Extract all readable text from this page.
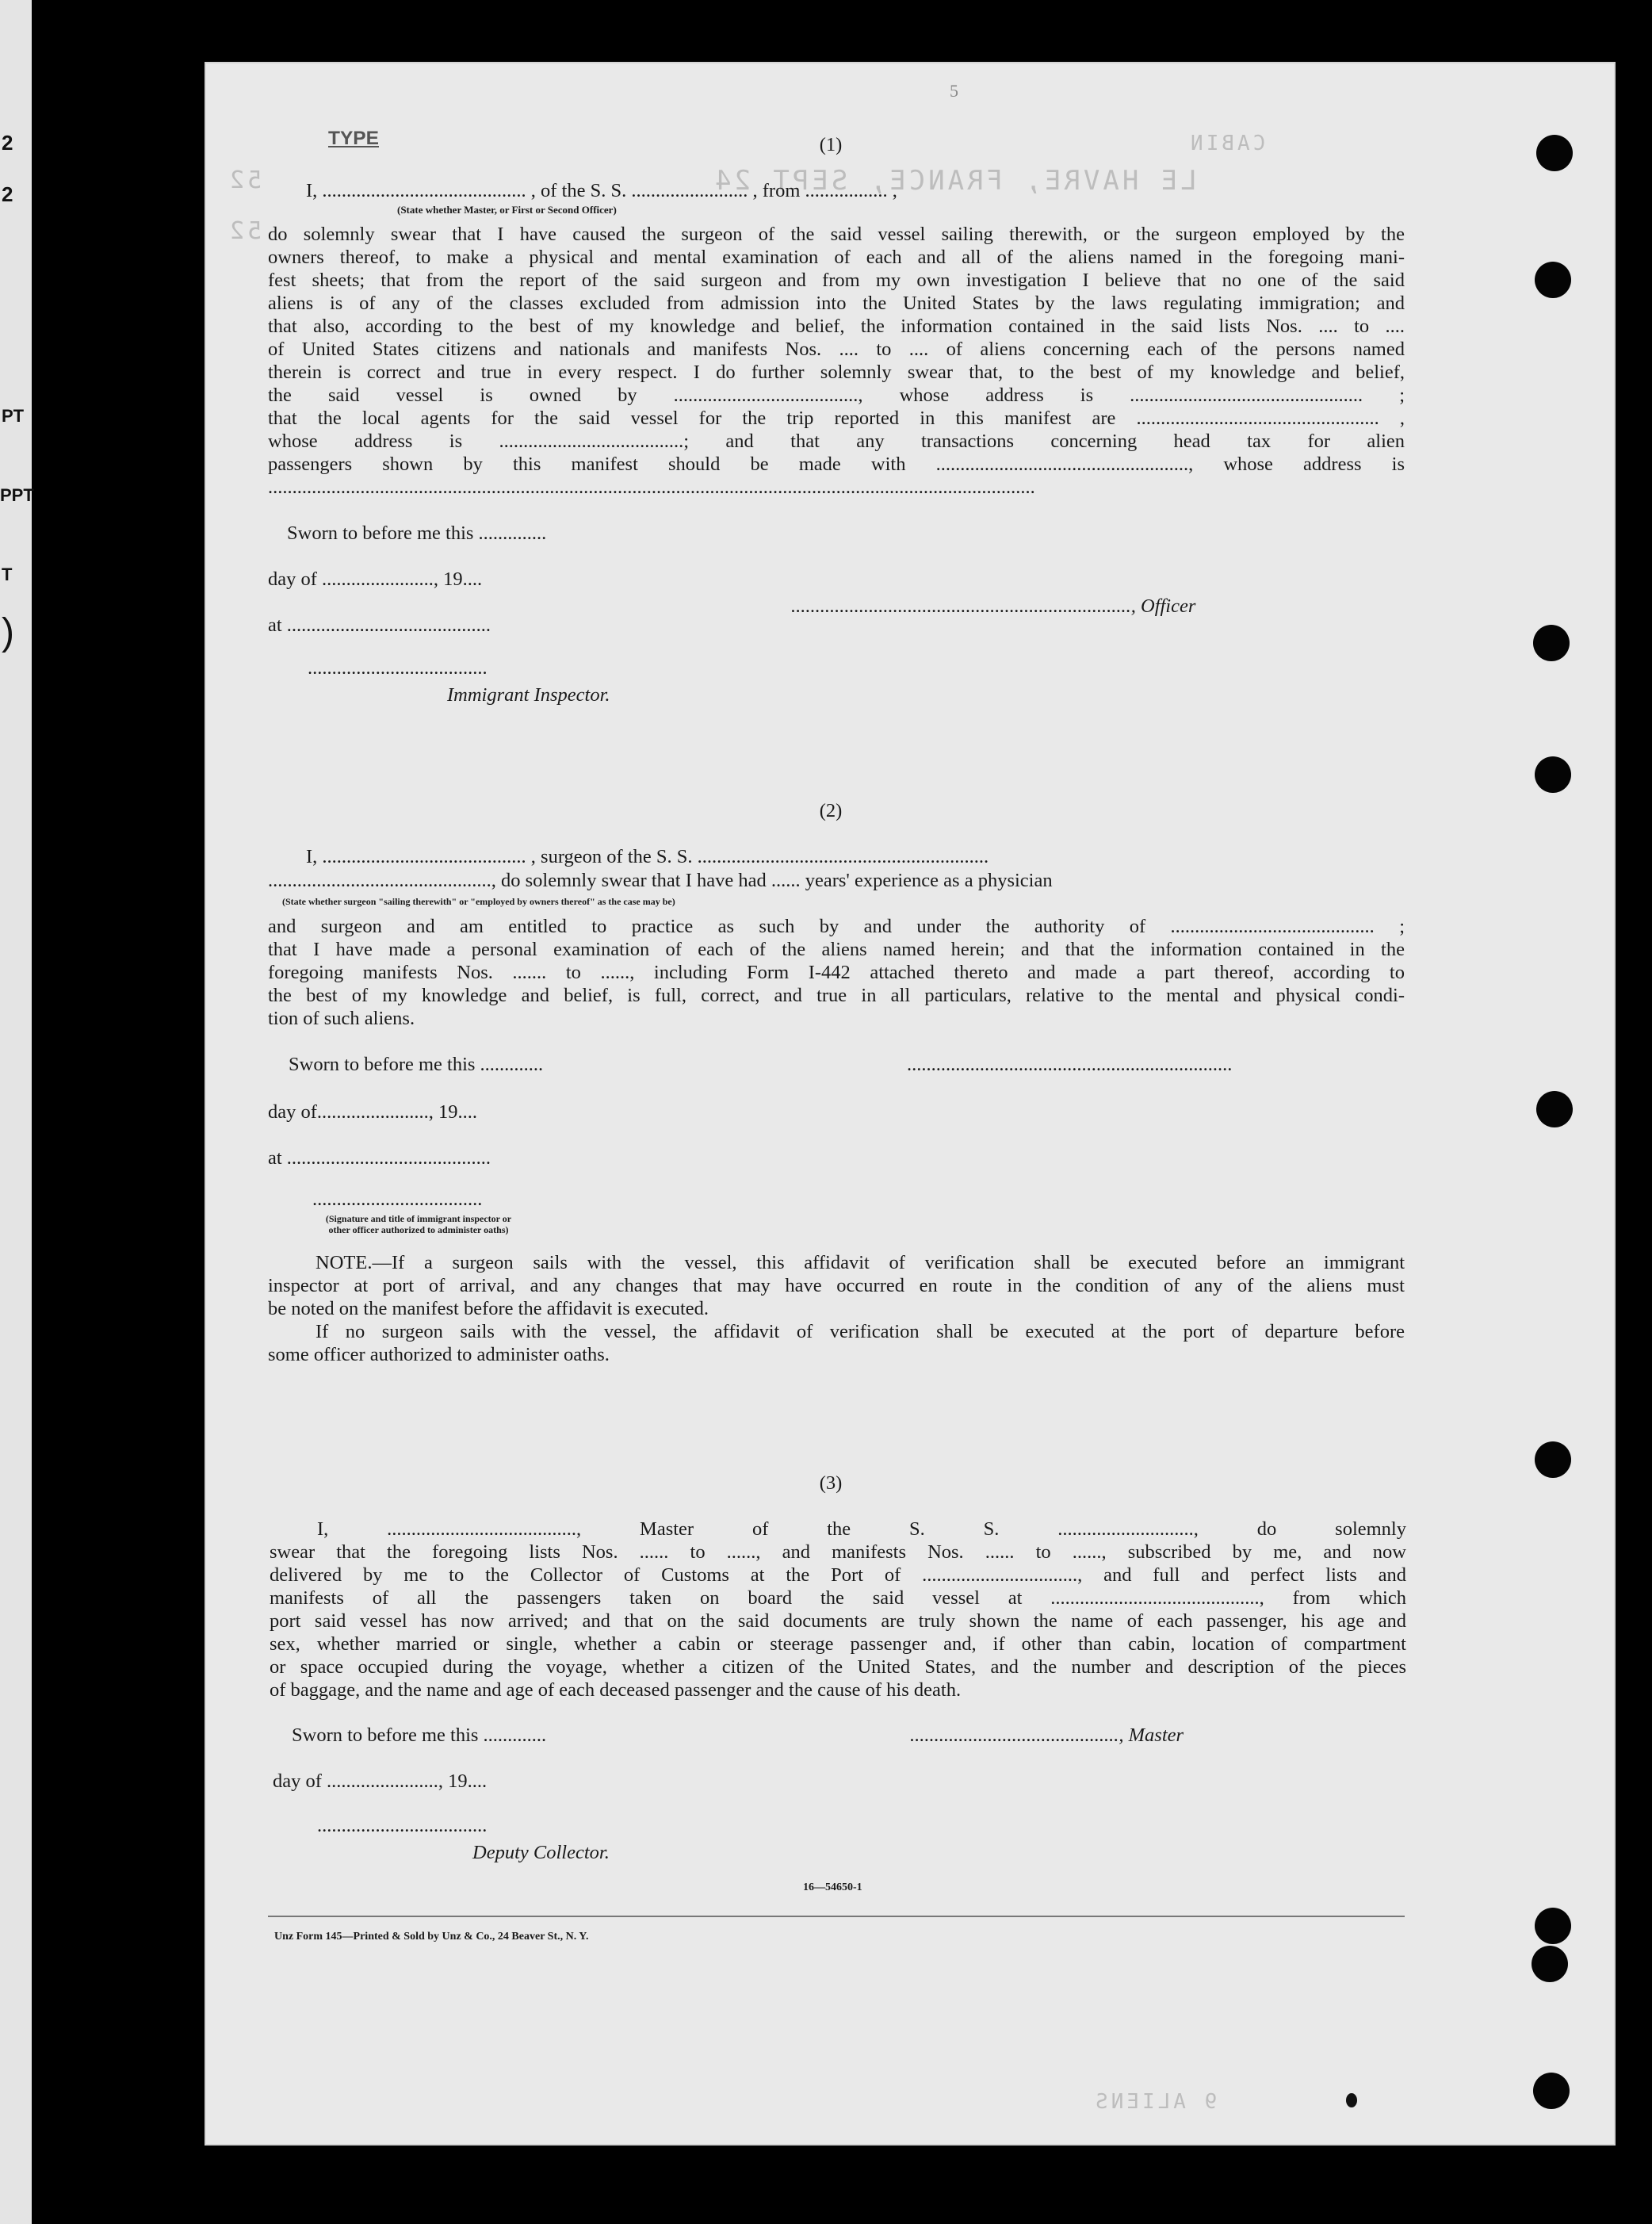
2
2
PT
PPT
T
)
LE HAVRE, FRANCE, SEPT 24
CABIN
52
52
9 ALIENS
TYPE
5
(1)
I, .......................................... , of the S. S. ........................ , from ................. ,
(State whether Master, or First or Second Officer)
do solemnly swear that I have caused the surgeon of the said vessel sailing therewith, or the surgeon employed by the
owners thereof, to make a physical and mental examination of each and all of the aliens named in the foregoing mani-
fest sheets; that from the report of the said surgeon and from my own investigation I believe that no one of the said
aliens is of any of the classes excluded from admission into the United States by the laws regulating immigration; and
that also, according to the best of my knowledge and belief, the information contained in the said lists Nos. .... to ....
of United States citizens and nationals and manifests Nos. .... to .... of aliens concerning each of the persons named
therein is correct and true in every respect. I do further solemnly swear that, to the best of my knowledge and belief,
the said vessel is owned by ......................................, whose address is ................................................ ;
that the local agents for the said vessel for the trip reported in this manifest are .................................................. ,
whose address is ......................................; and that any transactions concerning head tax for alien
passengers shown by this manifest should be made with ...................................................., whose address is
..............................................................................................................................................................
Sworn to before me this ..............
day of ......................., 19....
at ..........................................
.....................................
Immigrant Inspector.
......................................................................, Officer
(2)
I, .......................................... , surgeon of the S. S. ............................................................
.............................................., do solemnly swear that I have had ...... years' experience as a physician
(State whether surgeon "sailing therewith" or "employed by owners thereof" as the case may be)
and surgeon and am entitled to practice as such by and under the authority of .......................................... ;
that I have made a personal examination of each of the aliens named herein; and that the information contained in the
foregoing manifests Nos. ....... to ......, including Form I-442 attached thereto and made a part thereof, according to
the best of my knowledge and belief, is full, correct, and true in all particulars, relative to the mental and physical condi-
tion of such aliens.
Sworn to before me this .............	...................................................................
day of......................., 19....
at ..........................................
...................................
(Signature and title of immigrant inspector or
other officer authorized to administer oaths)
NOTE.—If a surgeon sails with the vessel, this affidavit of verification shall be executed before an immigrant
inspector at port of arrival, and any changes that may have occurred en route in the condition of any of the aliens must
be noted on the manifest before the affidavit is executed.
If no surgeon sails with the vessel, the affidavit of verification shall be executed at the port of departure before
some officer authorized to administer oaths.
(3)
I, ......................................., Master of the S. S. ............................, do solemnly
swear that the foregoing lists Nos. ...... to ......, and manifests Nos. ...... to ......, subscribed by me, and now
delivered by me to the Collector of Customs at the Port of ................................, and full and perfect lists and
manifests of all the passengers taken on board the said vessel at ..........................................., from which
port said vessel has now arrived; and that on the said documents are truly shown the name of each passenger, his age and
sex, whether married or single, whether a cabin or steerage passenger and, if other than cabin, location of compartment
or space occupied during the voyage, whether a citizen of the United States, and the number and description of the pieces
of baggage, and the name and age of each deceased passenger and the cause of his death.
Sworn to before me this .............	..........................................., Master
day of ......................., 19....
...................................
Deputy Collector.
16—54650-1
Unz Form 145—Printed & Sold by Unz & Co., 24 Beaver St., N. Y.
